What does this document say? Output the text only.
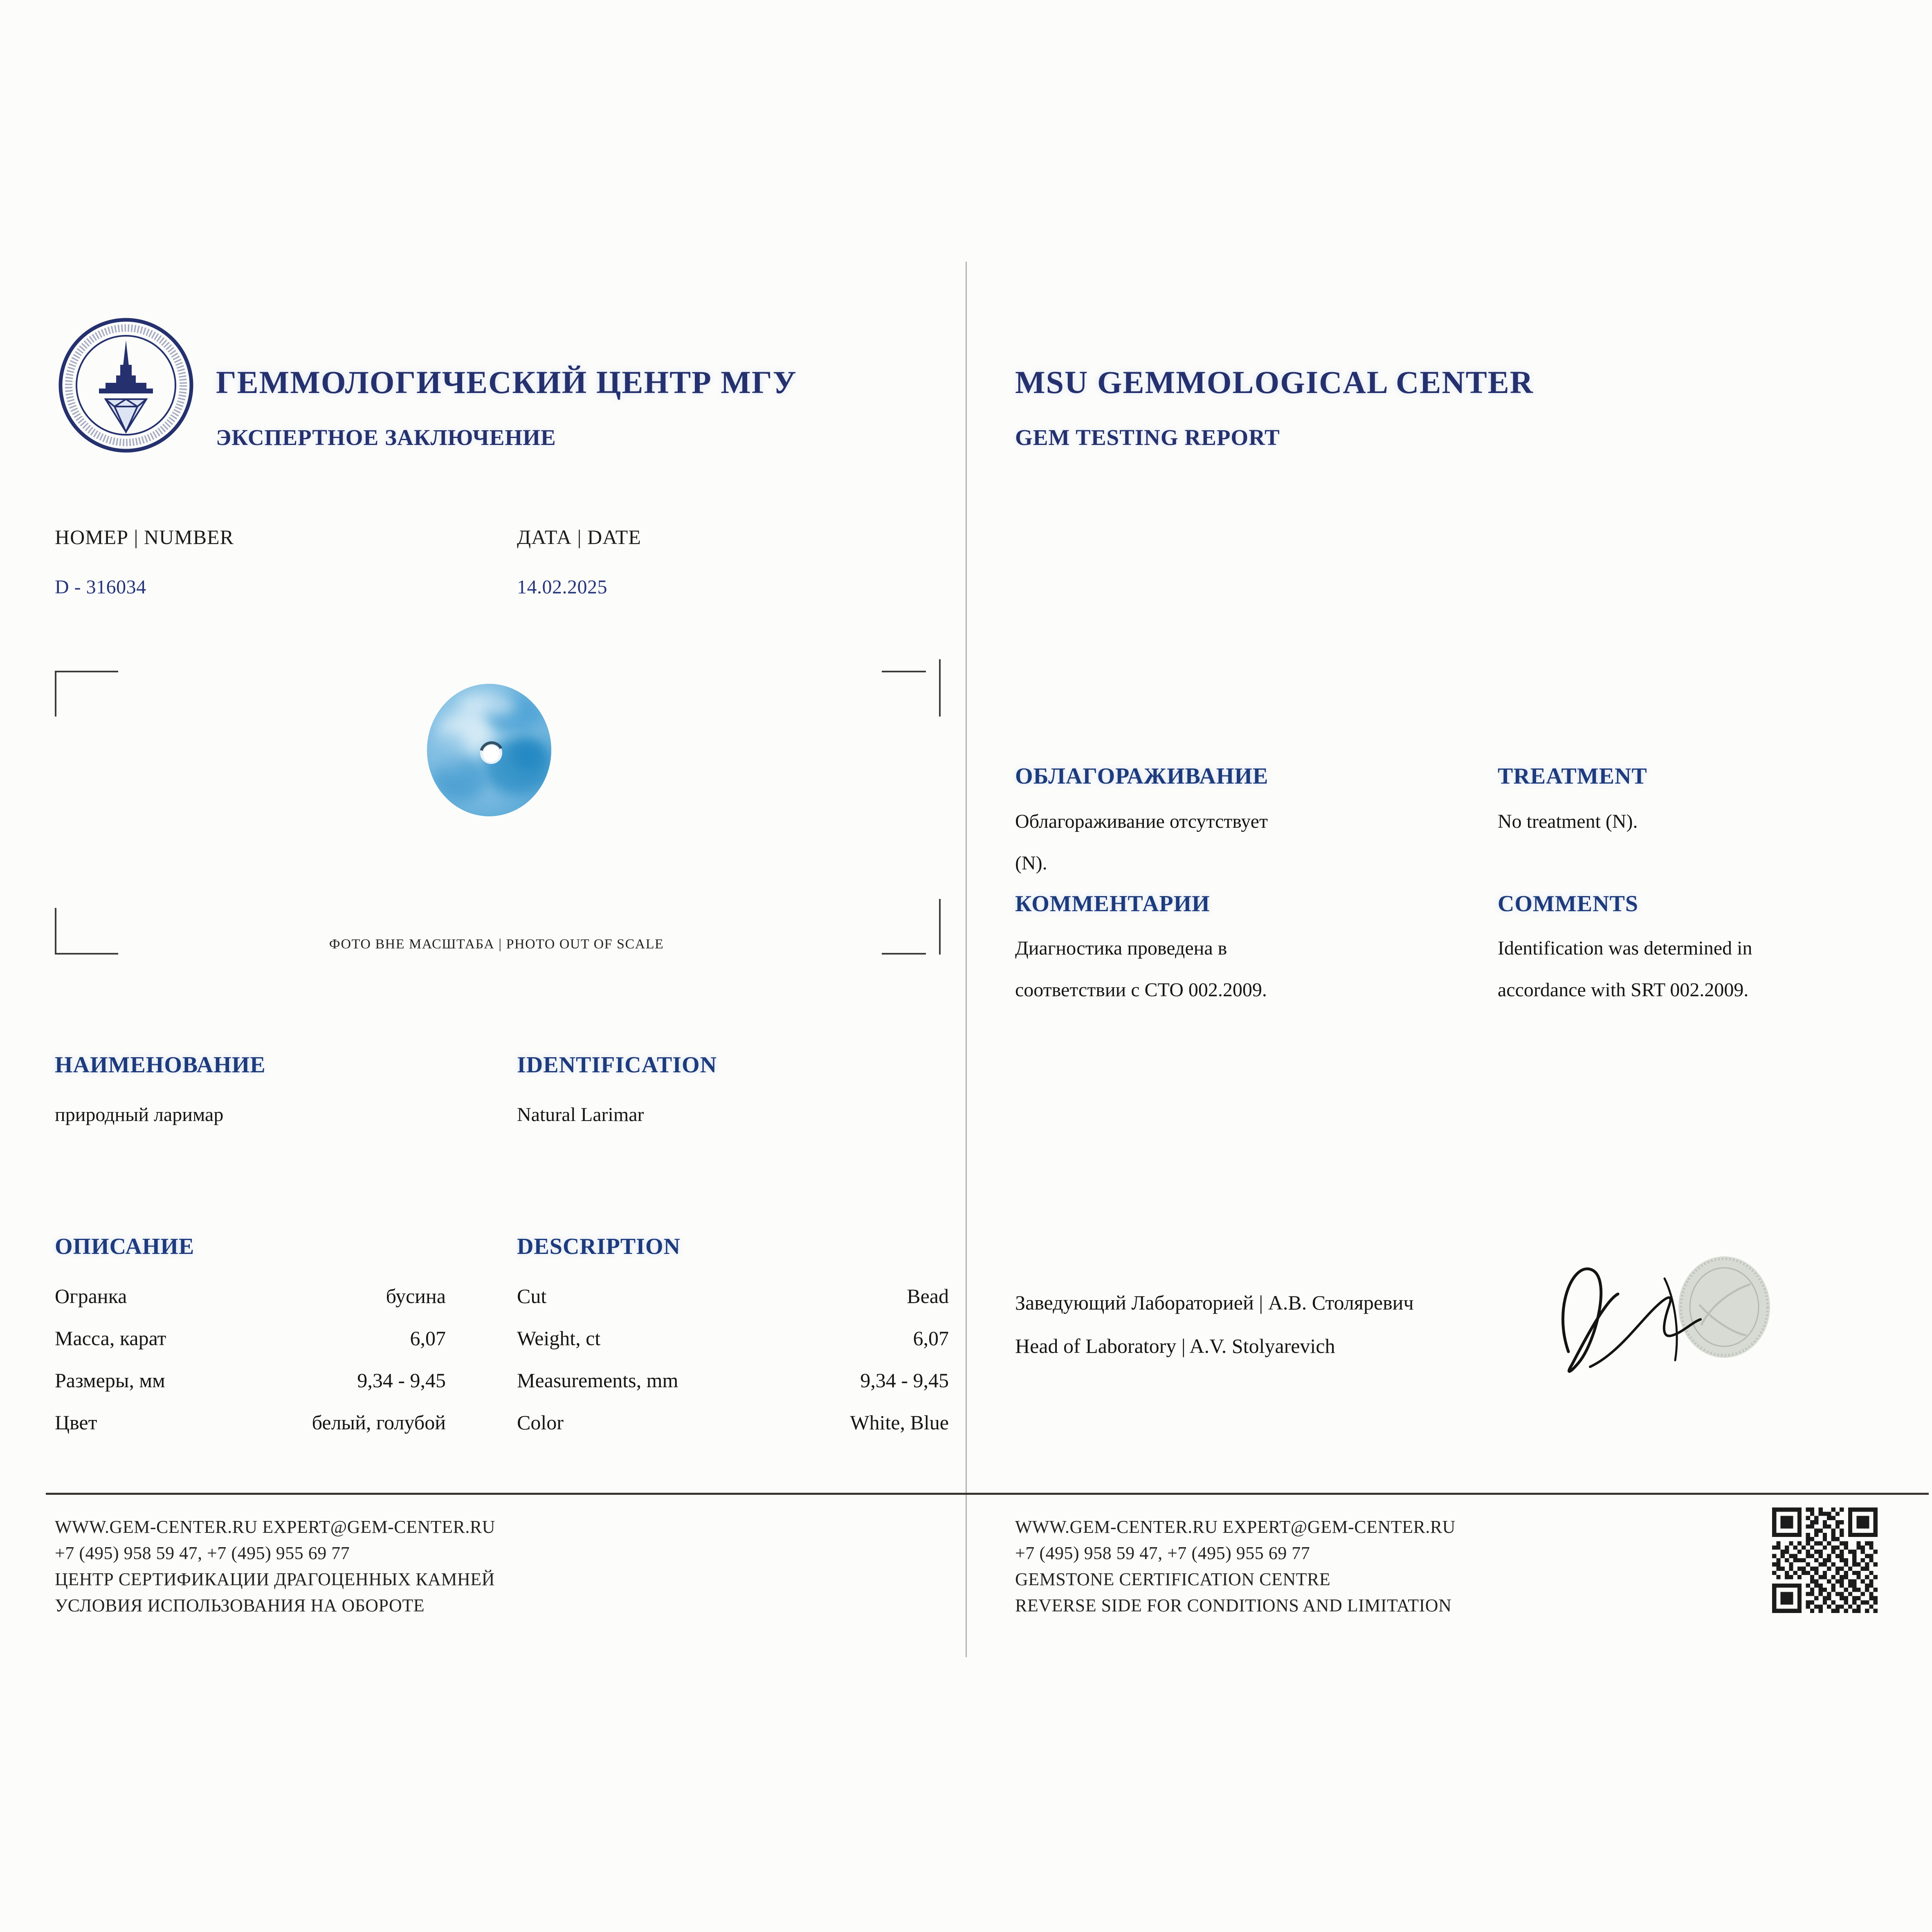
ГЕММОЛОГИЧЕСКИЙ ЦЕНТР МГУ
ЭКСПЕРТНОЕ ЗАКЛЮЧЕНИЕ
НОМЕР | NUMBER	ДАТА | DATE
D - 316034	14.02.2025
ФОТО ВНЕ МАСШТАБА | PHOTO OUT OF SCALE
НАИМЕНОВАНИЕ	IDENTIFICATION
природный ларимар	Natural Larimar
ОПИСАНИЕ	DESCRIPTION
Огранка	бусина	Cut	Bead
Масса, карат	6,07	Weight, ct	6,07
Размеры, мм	9,34 - 9,45	Measurements, mm	9,34 - 9,45
Цвет	белый, голубой	Color	White, Blue
MSU GEMMOLOGICAL CENTER
GEM TESTING REPORT
ОБЛАГОРАЖИВАНИЕ	TREATMENT
Облагораживание отсутствует
(N).
No treatment (N).
КОММЕНТАРИИ	COMMENTS
Диагностика проведена в
соответствии с СТО 002.2009.
Identification was determined in
accordance with SRT 002.2009.
Заведующий Лабораторией | А.В. Столяревич
Head of Laboratory | A.V. Stolyarevich
WWW.GEM-CENTER.RU EXPERT@GEM-CENTER.RU
+7 (495) 958 59 47, +7 (495) 955 69 77
ЦЕНТР СЕРТИФИКАЦИИ ДРАГОЦЕННЫХ КАМНЕЙ
УСЛОВИЯ ИСПОЛЬЗОВАНИЯ НА ОБОРОТЕ
WWW.GEM-CENTER.RU EXPERT@GEM-CENTER.RU
+7 (495) 958 59 47, +7 (495) 955 69 77
GEMSTONE CERTIFICATION CENTRE
REVERSE SIDE FOR CONDITIONS AND LIMITATION
